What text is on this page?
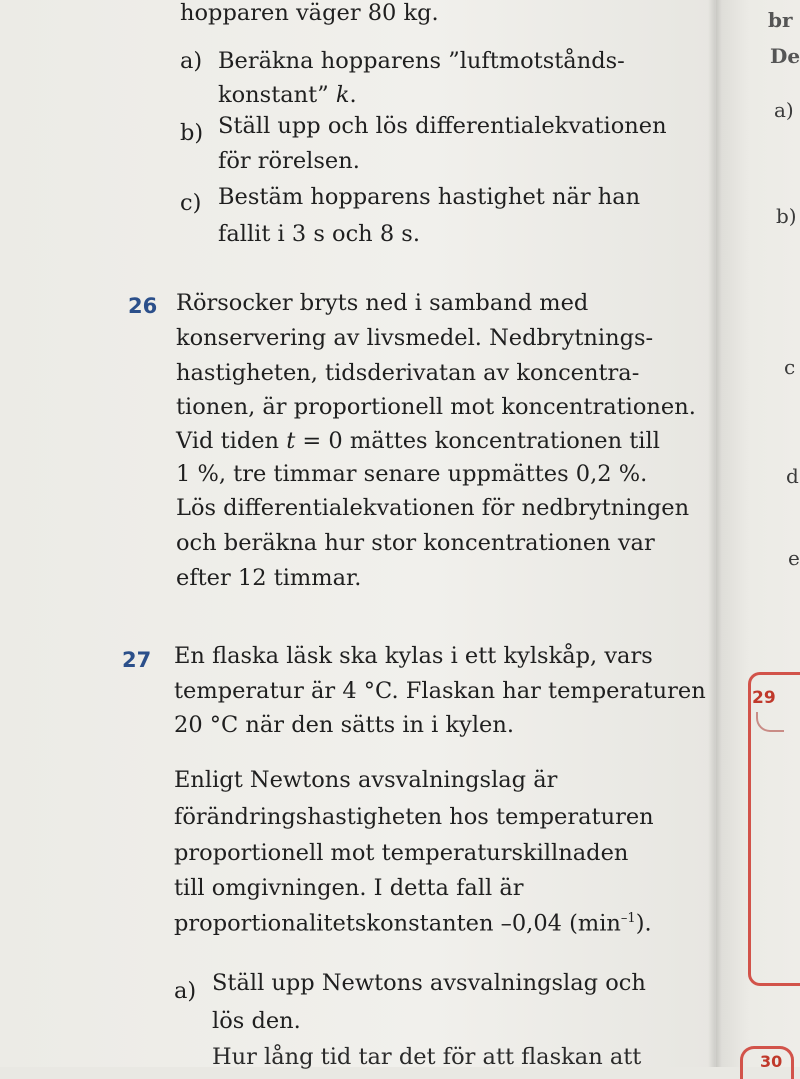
hopparen väger 80 kg.
a) Beräkna hopparens ”luftmotstånds-
konstant” k.
b) Ställ upp och lös differentialekvationen
för rörelsen.
c) Bestäm hopparens hastighet när han
fallit i 3 s och 8 s.
26 Rörsocker bryts ned i samband med
konservering av livsmedel. Nedbrytnings-
hastigheten, tidsderivatan av koncentra-
tionen, är proportionell mot koncentrationen.
Vid tiden t = 0 mättes koncentrationen till
1 %, tre timmar senare uppmättes 0,2 %.
Lös differentialekvationen för nedbrytningen
och beräkna hur stor koncentrationen var
efter 12 timmar.
27 En flaska läsk ska kylas i ett kylskåp, vars
temperatur är 4 °C. Flaskan har temperaturen
20 °C när den sätts in i kylen.
Enligt Newtons avsvalningslag är
förändringshastigheten hos temperaturen
proportionell mot temperaturskillnaden
till omgivningen. I detta fall är
proportionalitetskonstanten –0,04 $(\min^{-1})$.
a) Ställ upp Newtons avsvalningslag och
lös den.
Hur lång tid tar det för att flaskan att
br
De
a)
b)
c
d
e
29
30
